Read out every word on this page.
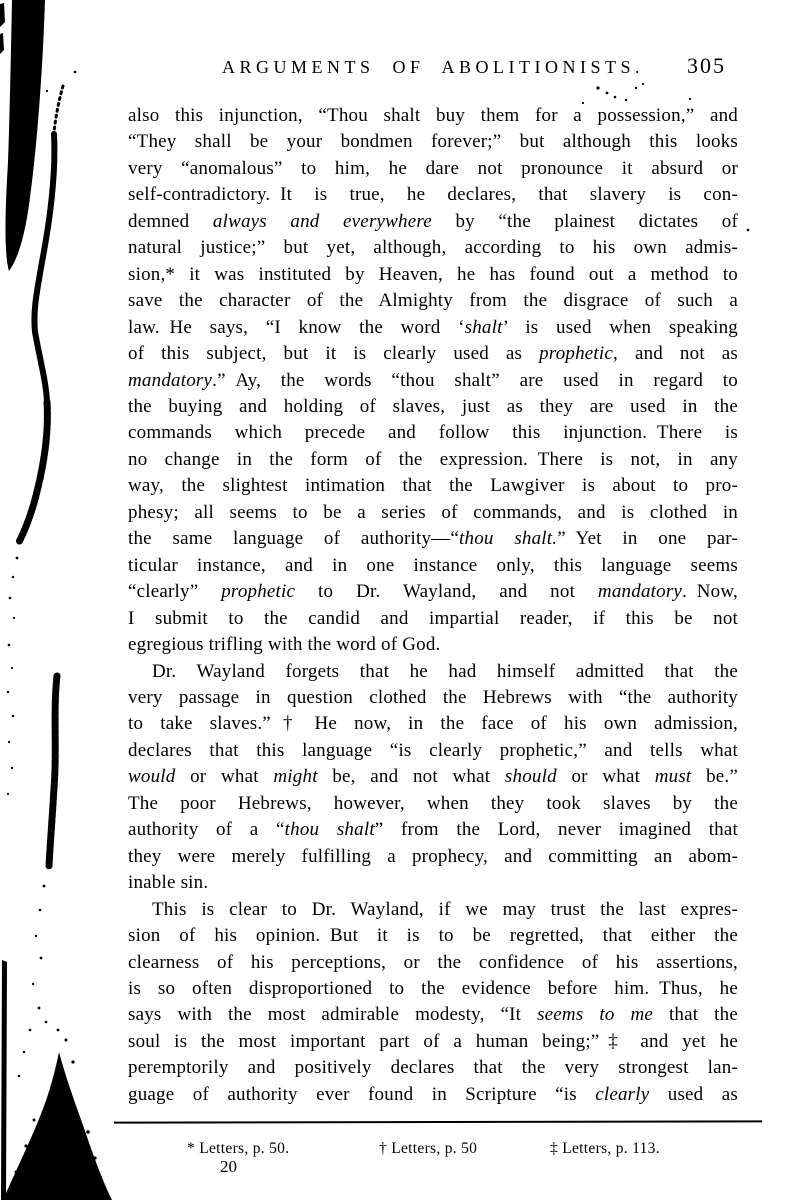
ARGUMENTS OF ABOLITIONISTS. 305
also this injunction, “Thou shalt buy them for a possession,” and
“They shall be your bondmen forever;” but although this looks
very “anomalous” to him, he dare not pronounce it absurd or
self-contradictory. It is true, he declares, that slavery is con-
demned always and everywhere by “the plainest dictates of
natural justice;” but yet, although, according to his own admis-
sion,* it was instituted by Heaven, he has found out a method to
save the character of the Almighty from the disgrace of such a
law. He says, “I know the word ‘shalt’ is used when speaking
of this subject, but it is clearly used as prophetic, and not as
mandatory.” Ay, the words “thou shalt” are used in regard to
the buying and holding of slaves, just as they are used in the
commands which precede and follow this injunction. There is
no change in the form of the expression. There is not, in any
way, the slightest intimation that the Lawgiver is about to pro-
phesy; all seems to be a series of commands, and is clothed in
the same language of authority—“thou shalt.” Yet in one par-
ticular instance, and in one instance only, this language seems
“clearly” prophetic to Dr. Wayland, and not mandatory. Now,
I submit to the candid and impartial reader, if this be not
egregious trifling with the word of God.
Dr. Wayland forgets that he had himself admitted that the
very passage in question clothed the Hebrews with “the authority
to take slaves.”† He now, in the face of his own admission,
declares that this language “is clearly prophetic,” and tells what
would or what might be, and not what should or what must be.”
The poor Hebrews, however, when they took slaves by the
authority of a “thou shalt” from the Lord, never imagined that
they were merely fulfilling a prophecy, and committing an abom-
inable sin.
This is clear to Dr. Wayland, if we may trust the last expres-
sion of his opinion. But it is to be regretted, that either the
clearness of his perceptions, or the confidence of his assertions,
is so often disproportioned to the evidence before him. Thus, he
says with the most admirable modesty, “It seems to me that the
soul is the most important part of a human being;”‡ and yet he
peremptorily and positively declares that the very strongest lan-
guage of authority ever found in Scripture “is clearly used as
* Letters, p. 50.	† Letters, p. 50	‡ Letters, p. 113.
20
